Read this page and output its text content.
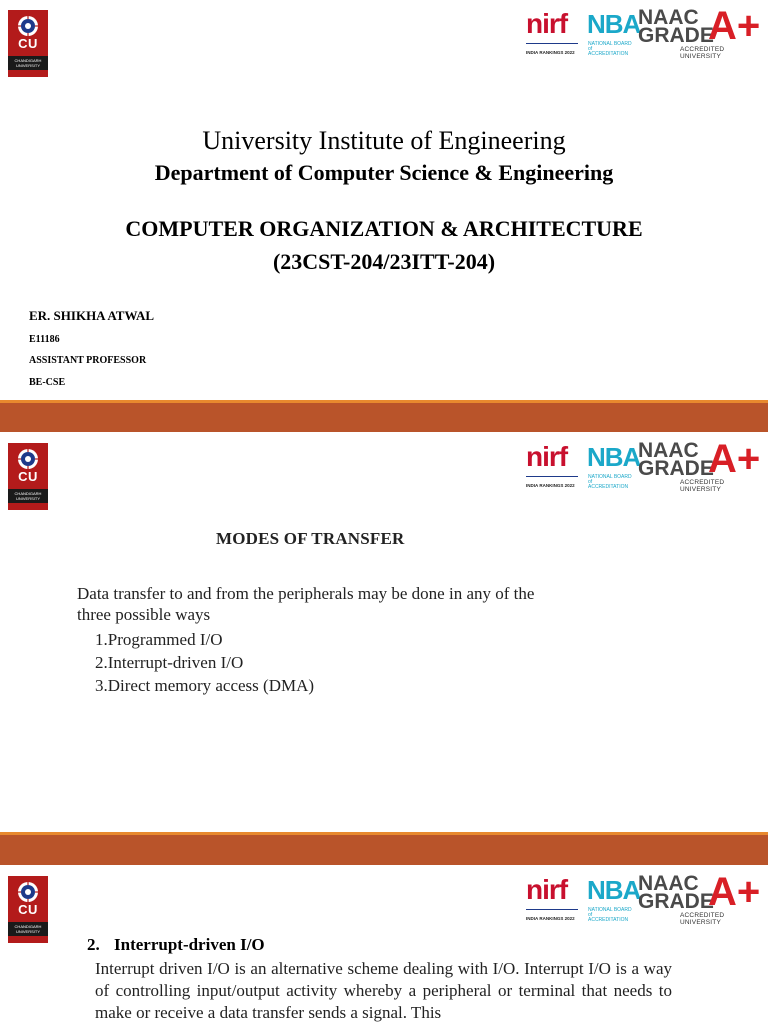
CU
CHANDIGARH UNIVERSITY
nirf
INDIA RANKINGS 2022
NBA
NATIONAL BOARD of ACCREDITATION
NAAC
GRADE
A+
ACCREDITED UNIVERSITY
University Institute of Engineering
Department of Computer Science & Engineering
COMPUTER ORGANIZATION & ARCHITECTURE
(23CST-204/23ITT-204)
ER. SHIKHA ATWAL
E11186
ASSISTANT PROFESSOR
BE-CSE
CU
CHANDIGARH UNIVERSITY
nirf
INDIA RANKINGS 2022
NBA
NATIONAL BOARD of ACCREDITATION
NAAC
GRADE
A+
ACCREDITED UNIVERSITY
MODES OF TRANSFER
Data transfer to and from the peripherals may be done in any of the three possible ways
1.Programmed I/O
2.Interrupt-driven I/O
3.Direct memory access (DMA)
CU
CHANDIGARH UNIVERSITY
nirf
INDIA RANKINGS 2022
NBA
NATIONAL BOARD of ACCREDITATION
NAAC
GRADE
A+
ACCREDITED UNIVERSITY
2. Interrupt-driven I/O
Interrupt driven I/O is an alternative scheme dealing with I/O. Interrupt I/O is a way of controlling input/output activity whereby a peripheral or terminal that needs to make or receive a data transfer sends a signal. This
